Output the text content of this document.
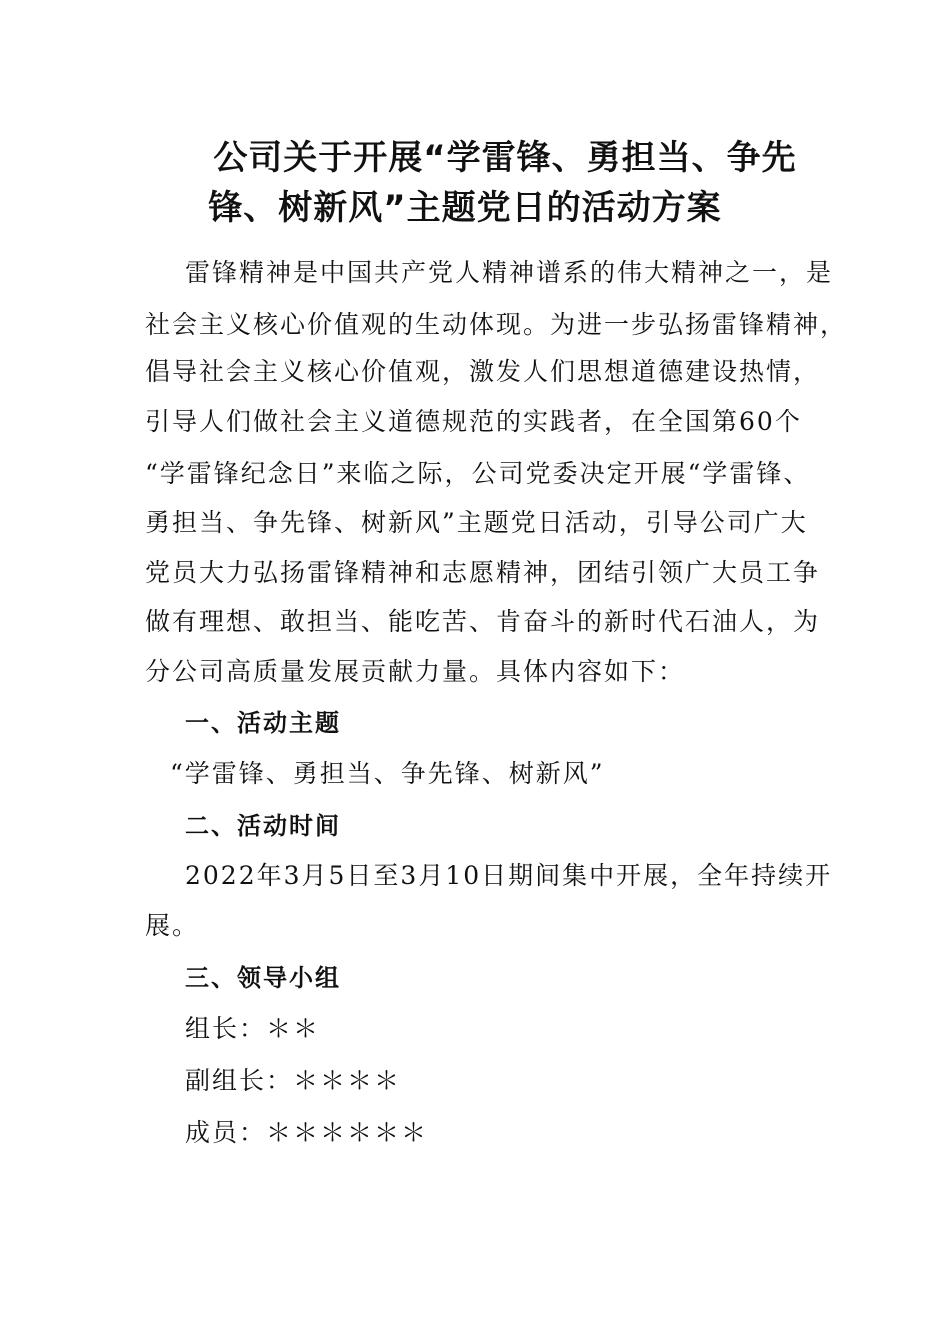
公司关于开展“学雷锋、勇担当、争先
锋、树新风”主题党日的活动方案
雷锋精神是中国共产党人精神谱系的伟大精神之一，是
社会主义核心价值观的生动体现。为进一步弘扬雷锋精神，
倡导社会主义核心价值观，激发人们思想道德建设热情，
引导人们做社会主义道德规范的实践者，在全国第60个
“学雷锋纪念日”来临之际，公司党委决定开展“学雷锋、
勇担当、争先锋、树新风”主题党日活动，引导公司广大
党员大力弘扬雷锋精神和志愿精神，团结引领广大员工争
做有理想、敢担当、能吃苦、肯奋斗的新时代石油人，为
分公司高质量发展贡献力量。具体内容如下：
一、活动主题
“学雷锋、勇担当、争先锋、树新风”
二、活动时间
2022年3月5日至3月10日期间集中开展，全年持续开
展。
三、领导小组
组长：＊＊
副组长：＊＊＊＊
成员：＊＊＊＊＊＊
